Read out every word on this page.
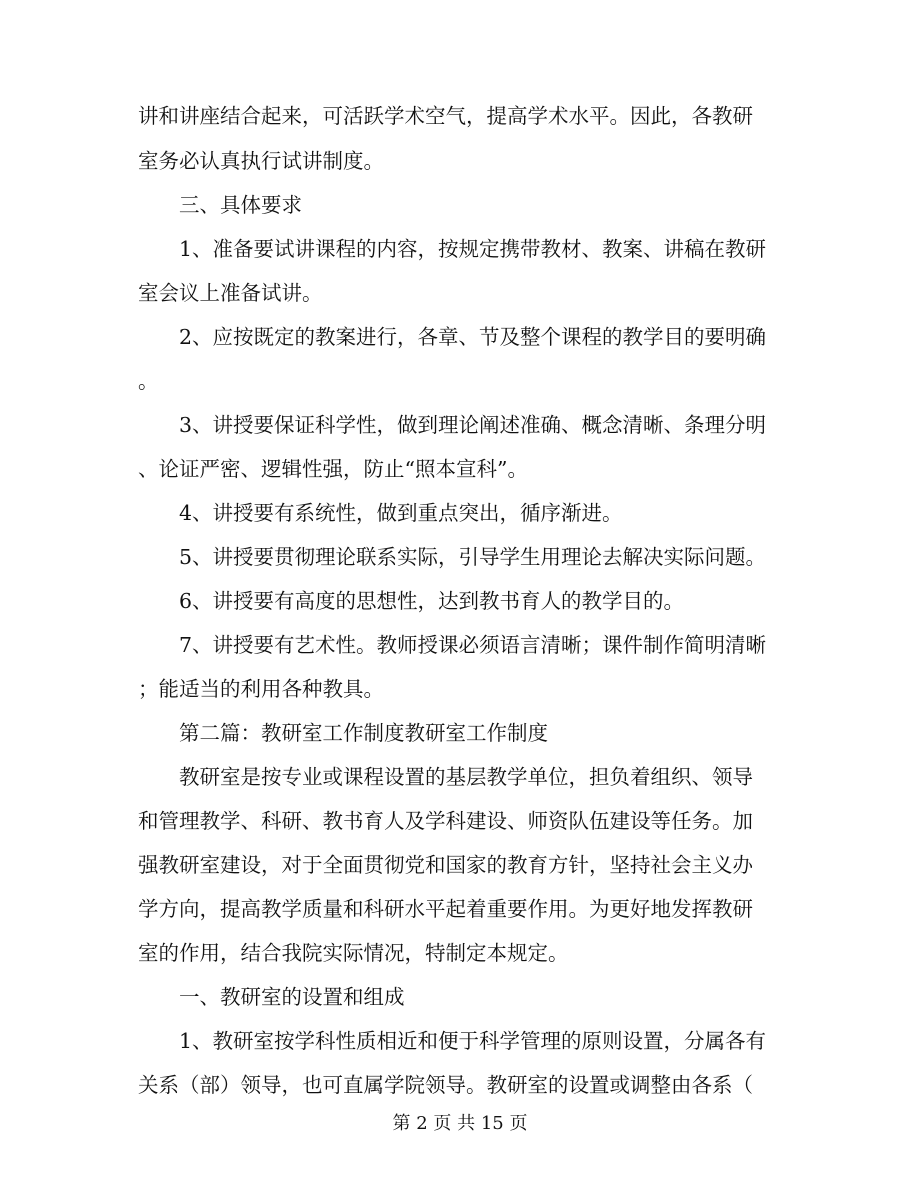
讲和讲座结合起来，可活跃学术空气，提高学术水平。因此，各教研
室务必认真执行试讲制度。
三、具体要求
1、准备要试讲课程的内容，按规定携带教材、教案、讲稿在教研
室会议上准备试讲。
2、应按既定的教案进行，各章、节及整个课程的教学目的要明确
。
3、讲授要保证科学性，做到理论阐述准确、概念清晰、条理分明
、论证严密、逻辑性强，防止“照本宣科”。
4、讲授要有系统性，做到重点突出，循序渐进。
5、讲授要贯彻理论联系实际，引导学生用理论去解决实际问题。
6、讲授要有高度的思想性，达到教书育人的教学目的。
7、讲授要有艺术性。教师授课必须语言清晰；课件制作简明清晰
；能适当的利用各种教具。
第二篇：教研室工作制度教研室工作制度
教研室是按专业或课程设置的基层教学单位，担负着组织、领导
和管理教学、科研、教书育人及学科建设、师资队伍建设等任务。加
强教研室建设，对于全面贯彻党和国家的教育方针，坚持社会主义办
学方向，提高教学质量和科研水平起着重要作用。为更好地发挥教研
室的作用，结合我院实际情况，特制定本规定。
一、教研室的设置和组成
1、教研室按学科性质相近和便于科学管理的原则设置，分属各有
关系（部）领导，也可直属学院领导。教研室的设置或调整由各系（
第 2 页 共 15 页
